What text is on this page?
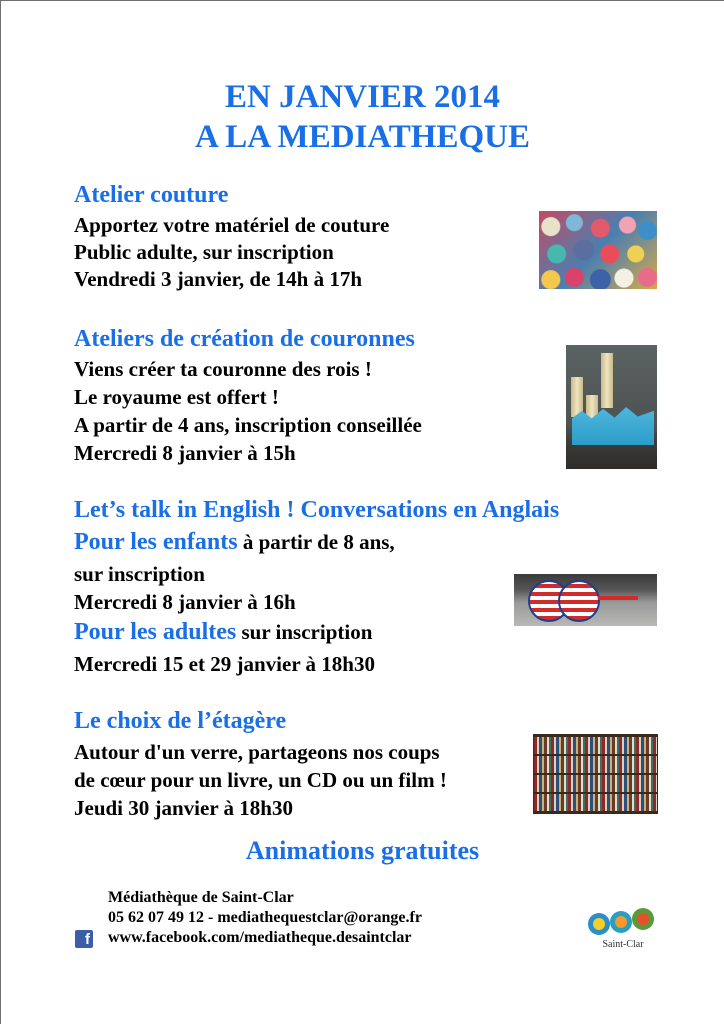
EN JANVIER 2014
A LA MEDIATHEQUE
Atelier couture
Apportez votre matériel de couture
Public adulte, sur inscription
Vendredi 3 janvier, de 14h à 17h
Ateliers de création de couronnes
Viens créer ta couronne des rois !
Le royaume est offert !
A partir de 4 ans, inscription conseillée
Mercredi 8 janvier à 15h
Let’s talk in English ! Conversations en Anglais
Pour les enfants à partir de 8 ans,
sur inscription
Mercredi 8 janvier à 16h
Pour les adultes sur inscription
Mercredi 15 et 29 janvier à 18h30
Le choix de l’étagère
Autour d'un verre, partageons nos coups
de cœur pour un livre, un CD ou un film !
Jeudi 30 janvier à 18h30
Animations gratuites
Médiathèque de Saint-Clar
05 62 07 49 12 - mediathequestclar@orange.fr
www.facebook.com/mediatheque.desaintclar
f	Saint-Clar
